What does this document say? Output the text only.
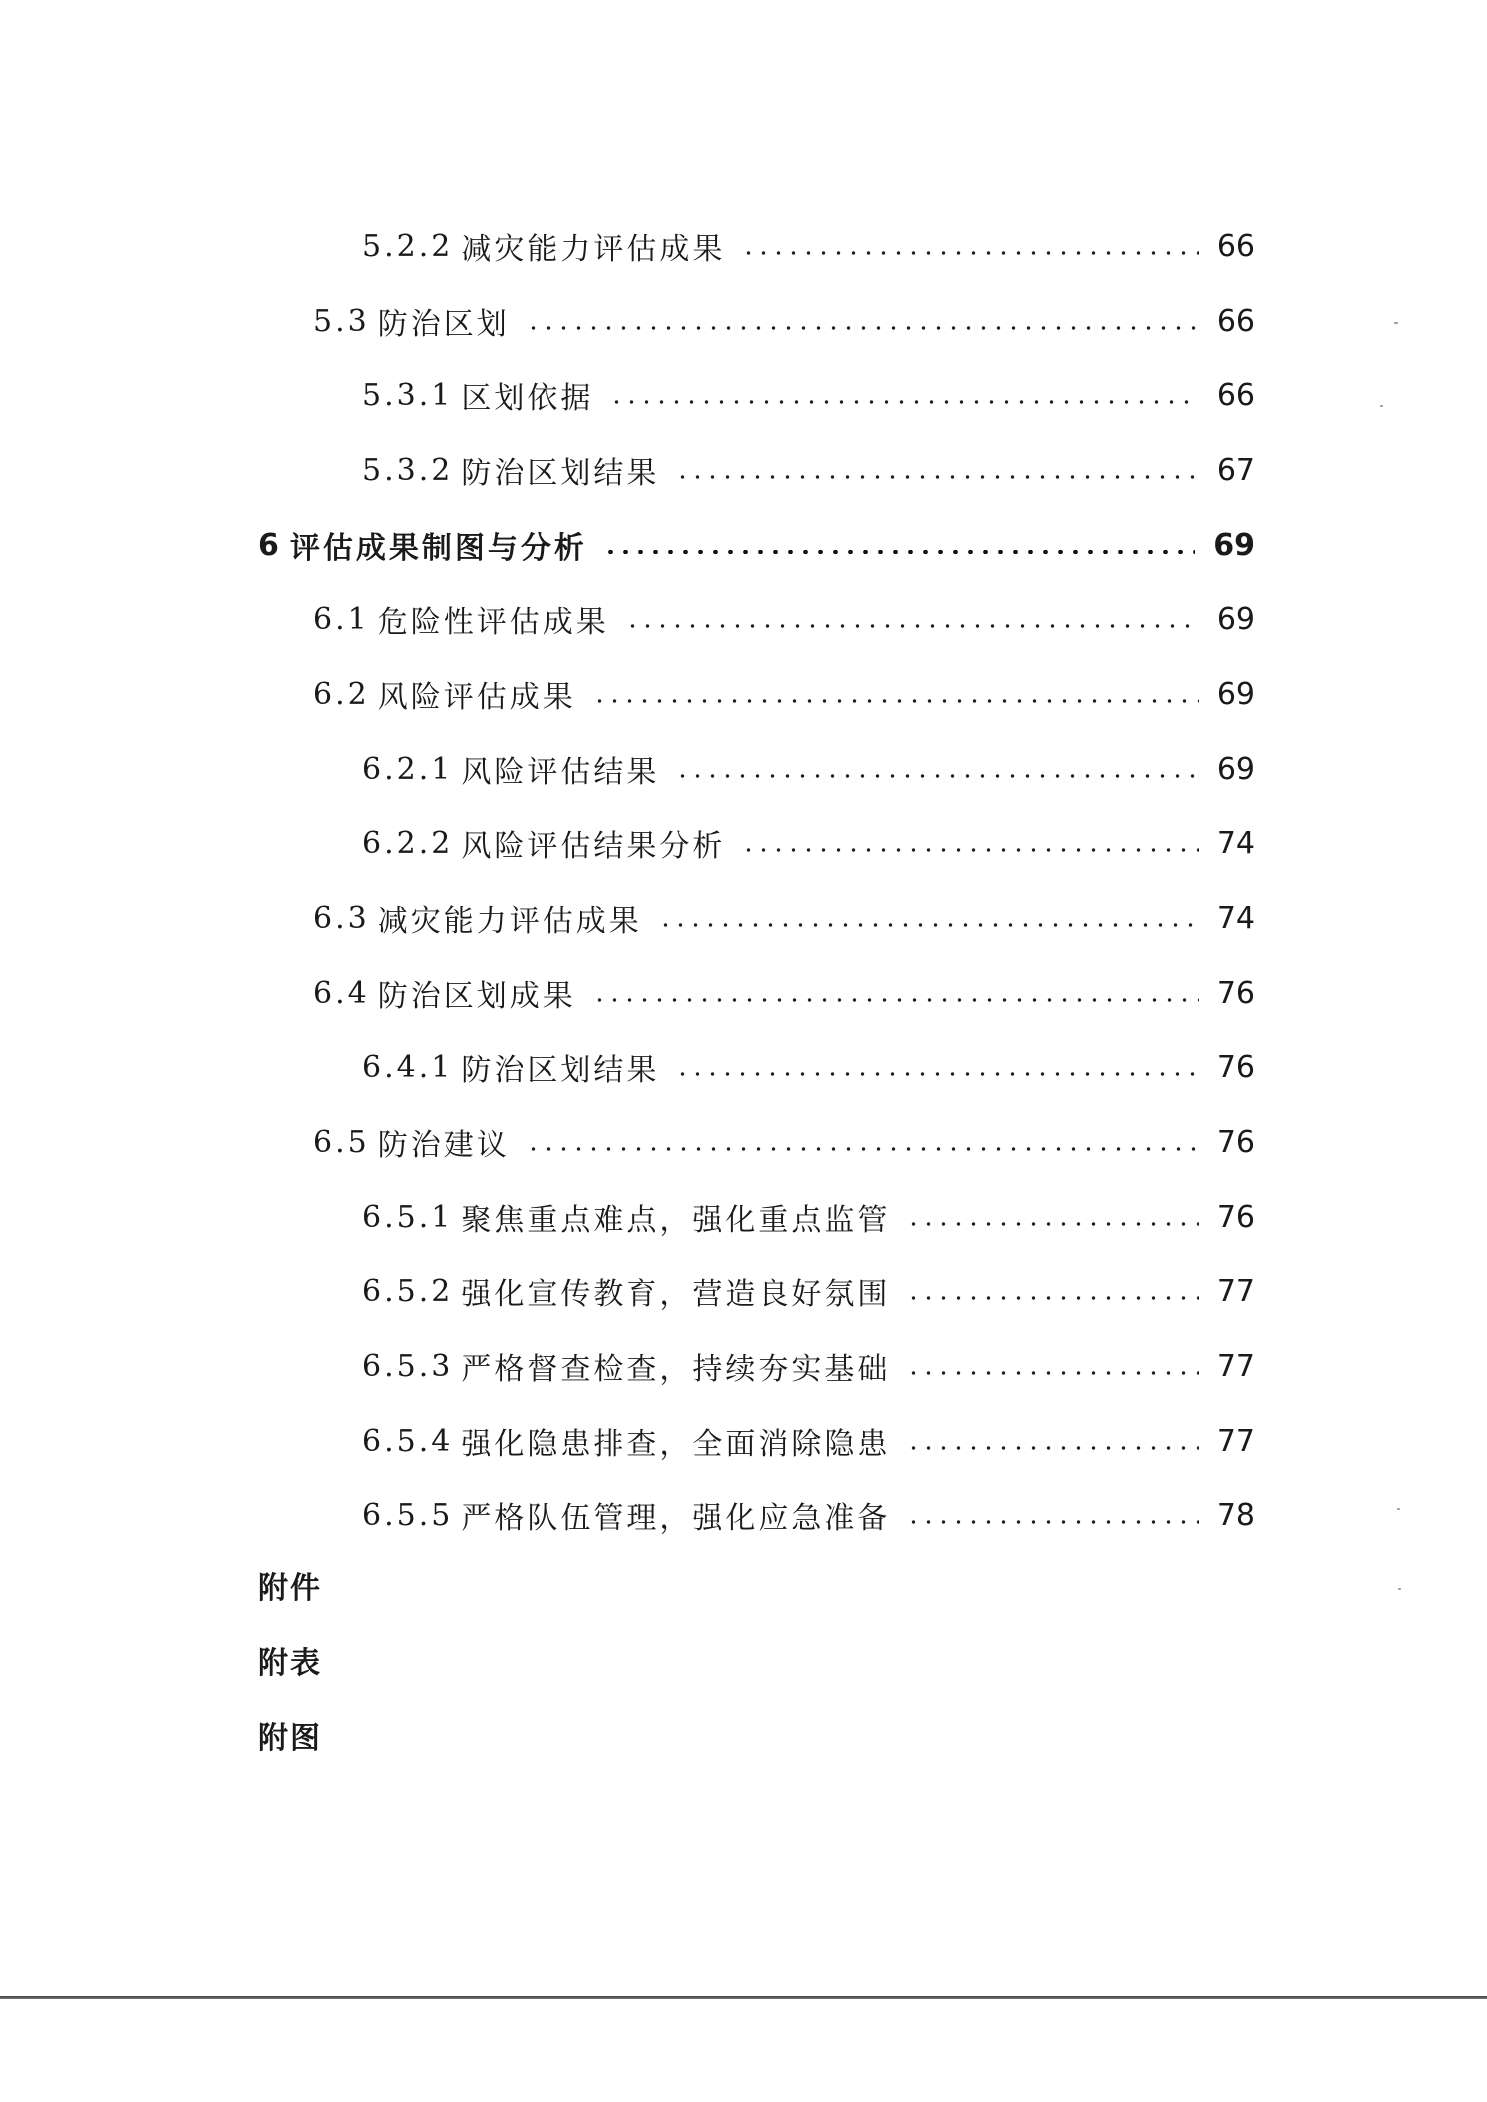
5.2.2 减灾能力评估成果	66
5.3 防治区划	66
5.3.1 区划依据	66
5.3.2 防治区划结果	67
6 评估成果制图与分析	69
6.1 危险性评估成果	69
6.2 风险评估成果	69
6.2.1 风险评估结果	69
6.2.2 风险评估结果分析	74
6.3 减灾能力评估成果	74
6.4 防治区划成果	76
6.4.1 防治区划结果	76
6.5 防治建议	76
6.5.1 聚焦重点难点，强化重点监管	76
6.5.2 强化宣传教育，营造良好氛围	77
6.5.3 严格督查检查，持续夯实基础	77
6.5.4 强化隐患排查，全面消除隐患	77
6.5.5 严格队伍管理，强化应急准备	78
附件
附表
附图
